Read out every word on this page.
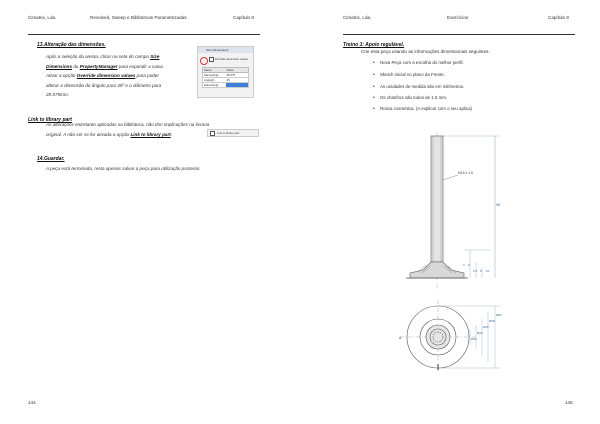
Cimatrix, Lda.	Revolved, Sweep e Bibliotecas Parametrizadas	Capítulo 8
13.Alteração das dimensões.
Após a seleção da aresta, clicar na seta do campo Size
Dimensions do PropertyManager para expandir a caixa.
Ativar a opção Override dimension values para poder
alterar a dimensão do ângulo para 45º e o diâmetro para
28.575mm.
Size Dimensions
Override dimension values
Name	Value
Diameter@...	28.575
Angle@...	45
Diameter@...
Link to library part
As alterações entretanto aplicadas na biblioteca, não têm implicações na livraria
original. A não ser se for ativada a opção Link to library part.	Link to library part
14.Guardar.
A peça está terminada, resta apenas salvar a peça para utilização posterior.
144
Cimatrix, Lda.	Exercícios	Capítulo 8
Treino 1: Apoio regulável.
Crie esta peça usando as informações dimensionais seguintes.
• Nova Peça com a escolha do melhor perfil.
• Sketch inicial no plano da Frente.
• As unidades de medida são em milímetros.
• Os chanfros são todos de 1.5 mm.
• Rosca cosmética. (A explicar com o seu aplica)
M16 x 1.5
96
3 6
2.5 5 10
A	Ø16
Ø24
Ø36
Ø48
Ø60
145
